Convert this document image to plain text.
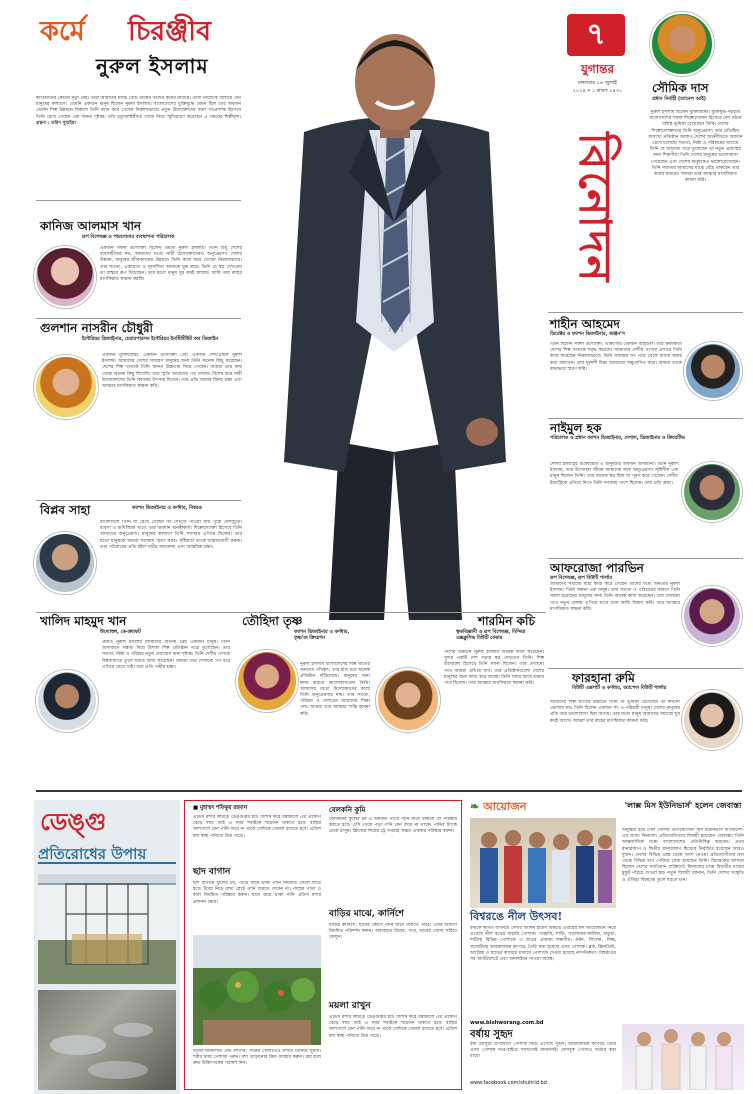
কর্মে চিরঞ্জীব
নুরুল ইসলাম
কীর্তিমানের কোনো মৃত্যু নেই। তারা আমাদের মাঝে বেঁচে থাকেন তাদের কর্মের মাধ্যমে। তারা নিজেকে বিলিয়ে দেন মানুষের কল্যাণে। তেমনি একজন মানুষ ছিলেন নুরুল ইসলাম। বাংলাদেশের মুক্তিযুদ্ধে যেমন ছিল তার অবদান তেমনি শিল্প উন্নয়নে বিকাশে তিনি কাজ করে গেছেন নিরলসভাবে। নতুন উদ্যোক্তাদের জন্য পথপ্রদর্শক হিসেবে তিনি রেখে গেছেন এক অনন্য দৃষ্টান্ত। তাঁর মৃত্যুবার্ষিকীতে তাকে নিয়ে স্মৃতিচারণ করেছেন এ সময়ের শিল্পীবৃন্দ। গ্রন্থনা : ফরিদ সুমাইয়া
কানিজ আলমাস খান
রূপ বিশেষজ্ঞ ও পারসোনার ব্যবস্থাপনা পরিচালক
একজন সফল উদ্যোক্তা ছিলেন প্রয়াত নুরুল ইসলাম। তিনি শুধু দেশের ব্যবসায়ীদের নয়, আমাদের মতো নারী উদ্যোক্তাদেরও অনুপ্রেরণা। দেশের উন্নয়ন, মানুষের জীবনমানের উন্নয়নে তিনি কাজ করে গেছেন নিরলসভাবে। তার সততা, একাগ্রতা ও দূরদর্শিতা আমাকে মুগ্ধ করে। তিনি যে স্বপ্ন দেখতেন তা বাস্তবে রূপ দিয়েছেন। তার মতো মানুষ খুব কমই জন্মায়। আমি তার রুহের মাগফিরাত কামনা করছি।
গুলশান নাসরীন চৌধুরী
ইন্টেরিয়র ডিজাইনার, চেয়ারপারসন ইন্টেরিয়র ইনস্টিটিউট অব ডিজাইন
একজন মুক্তিযোদ্ধা, একজন উদ্যোক্তা এবং একজন দেশপ্রেমিক নুরুল ইসলাম। আমাদের দেশের সাধারণ মানুষের জন্য তিনি অনেক কিছু করেছেন। দেশের শিল্প খাতকে তিনি অনন্য উচ্চতায় নিয়ে গেছেন। আমরা তার কাছ থেকে অনেক কিছু শিখেছি। তার স্মৃতি আমাদের পথ দেখায়। বিশেষ করে নারী উদ্যোক্তাদের তিনি সবসময় উৎসাহ দিতেন। তার প্রতি আমার বিনম্র শ্রদ্ধা এবং আত্মার মাগফিরাত কামনা করি।
বিপ্লব সাহা	ফ্যাশন ডিজাইনার ও কর্ণধার, বিশ্বরঙ
বাংলাদেশে তিনি যা রেখে গেছেন তা দেখতে পাওয়া যায় পুরো দেশজুড়ে। ব্যবসা ও বাণিজ্যিক খাতে তার অবদান অনস্বীকার্য। শিল্পোদ্যোক্তা হিসেবে তিনি আমাদের অনুপ্রেরণা। মানুষের কল্যাণে তিনি সবসময় এগিয়ে ছিলেন। তার মতো মানুষকে আমরা সবসময় স্মরণ করব। সৃষ্টিকর্তা তাকে জান্নাতবাসী করুক। তার পরিবারের প্রতি রইল গভীর সমবেদনা এবং আন্তরিক শ্রদ্ধা।
৭
যুগান্তর
মঙ্গলবার ১৬ জুলাই
২০২৪ • ১ শ্রাবণ ১৪৩১
বিনোদন
সৌমিক দাস
প্রধান নির্বাহী (চ্যানেল আই)
নুরুল ইসলাম ছিলেন মুক্তিযোদ্ধা। মুক্তিযুদ্ধ-পরবর্তী বাংলাদেশের সফল শিল্পোদ্যোক্তা হিসেবে দেশ গঠনে বলিষ্ঠ ভূমিকা রেখেছেন তিনি। দেশের শিল্পোদ্যোক্তাদের তিনি অনুপ্রেরণা। তার প্রতিষ্ঠিত অসংখ্য প্রতিষ্ঠান আজও দেশের অর্থনীতিতে অবদান রেখে চলেছে। সততা, নিষ্ঠা ও পরিশ্রমের মাধ্যমে তিনি যে সাম্রাজ্য গড়ে তুলেছেন তা নতুন প্রজন্মের জন্য শিক্ষণীয়। তিনি দেশের মানুষের ভালোবাসা পেয়েছেন এবং দেশের মানুষকেও ভালোবেসেছেন। তিনি সবসময় আমাদের মাঝে বেঁচে থাকবেন তার কর্মের মাধ্যমে। আমরা তার আত্মার মাগফিরাত কামনা করি।
শাহীন আহমেদ
ডিরেক্টর ও ফ্যাশন ডিজাইনার, অঞ্জন'স
তিনি ছিলেন সফল উদ্যোক্তা, তারুণ্যের একজন আইডল। তার কর্মদক্ষতা দেশের শিল্প খাতকে সমৃদ্ধ করেছে। আমাদের দেশীয় পণ্যের প্রসারে তিনি কাজ করেছেন নিরলসভাবে। তিনি সবসময় সৎ পথে থেকে ব্যবসা করার কথা বলতেন। তার দূরদর্শী চিন্তা আমাদের অনুপ্রাণিত করে। আমরা তাকে শ্রদ্ধাভরে স্মরণ করি।
নাইমুল হক
পরিচালক ও প্রধান ফ্যাশন ডিজাইনার, দেশাল, ডিজাইনার ও ক্রিয়েটিভ
দেশীয় ইন্ডাস্ট্রির অগ্রযাত্রায় এ মানুষটার অবদান অসামান্য। তিনি নুরুল ইসলাম, তার উদ্যোক্তা জীবন আমাদের জন্য অনুপ্রেরণা। সৃষ্টিশীল এক মানুষ ছিলেন তিনি। তার অনেক স্বপ্ন ছিল যা পূরণ করে গেছেন। দেশীয় ইন্ডাস্ট্রিকে এগিয়ে নিতে তিনি সবসময় পাশে ছিলেন। তার প্রতি শ্রদ্ধা।
আফরোজা পারভিন
রূপ বিশেষজ্ঞ, রূপ বিউটি পার্লার
আমাদের সমাজে যারা কাজ করে গেছেন তাদের মধ্যে অন্যতম নুরুল ইসলাম। তিনি অনন্য এক মানুষ। তার সততা ও পরিশ্রমের কারণে তিনি সফল হয়েছেন। মানুষের জন্য তিনি অনেক কাজ করেছেন। তার দেখানো পথে নতুন প্রজন্ম এগিয়ে যাবে বলে আমি বিশ্বাস করি। তার আত্মার মাগফিরাত কামনা করি।
ফারহানা রুমি
বিউটি এক্সপার্ট ও কর্ণধার, অ্যাপেল বিউটি পার্লার
আমাদের শিল্প খাতের উন্নয়নে তিনি যে ভূমিকা রেখেছেন তা কখনো ভোলার নয়। তিনি ছিলেন একজন সৎ ও পরিশ্রমী মানুষ। দেশের মানুষের প্রতি তার ভালোবাসা ছিল অগাধ। তার মতো মানুষ আমাদের সমাজে খুব কমই আসে। আমরা তার রুহের মাগফিরাত কামনা করি।
খালিদ মাহমুদ খান
উদ্যোক্তা, কে-ক্র্যাফট
প্রয়াত নুরুল ইসলাম আমাদের অনেক প্রিয় একজন মানুষ। তিনি অসাধারণ দক্ষতা দিয়ে বিশাল শিল্প প্রতিষ্ঠান গড়ে তুলেছেন। তার সততা, নিষ্ঠা ও পরিশ্রম নতুন প্রজন্মের জন্য দৃষ্টান্ত। তিনি দেশীয় পণ্যকে বিশ্ববাজারে তুলে ধরতে কাজ করেছেন। আমরা তার দেখানো পথ ধরে এগিয়ে যেতে চাই। তার প্রতি গভীর শ্রদ্ধা।
তৌহিদা তৃষ্ণ
ফ্যাশন ডিজাইনার ও কর্ণধার, তৃষ্ণ'জ ক্রিয়েশন
নুরুল ইসলাম বাংলাদেশের শিল্প খাতের অন্যতম পথিকৃৎ। তার হাত ধরে অনেক প্রতিষ্ঠান দাঁড়িয়েছে। মানুষের জন্য কাজ করতে ভালোবাসতেন তিনি। আমাদের মতো উদ্যোক্তাদের কাছে তিনি অনুপ্রেরণার নাম। তার সততা, পরিশ্রম ও দেশপ্রেম আমাদের শিক্ষা দেয়। আমরা তার আত্মার শান্তি কামনা করি।
শারমিন কচি
ত্বকবিজ্ঞানী ও রূপ বিশেষজ্ঞ, বিন্দিয়া এক্সক্লুসিভ বিউটি কেয়ার
দেশের উন্নয়নে নুরুল ইসলাম অনেক কাজ করেছেন। সুন্দর একটি দেশ গড়ার স্বপ্ন দেখতেন তিনি। শিল্প উদ্যোক্তা হিসেবে তিনি সফল ছিলেন। তার দেখানো পথে আমরা এগিয়ে যাব। তার প্রতিষ্ঠানগুলো দেশের মানুষের জন্য কাজ করে যাচ্ছে। তিনি সবার কাছে শ্রদ্ধার পাত্র ছিলেন। তার আত্মার মাগফিরাত কামনা করি।
ডেঙ্গু
প্রতিরোধের উপায়
■ মুহাম্মদ শফিকুর রহমান
এডিস মশার কামড়ে ডেঙ্গুজ্বর হয়। বিশেষ করে বর্ষাকালে এর প্রকোপ বেড়ে যায়। তাই এ সময় সবাইকে সচেতন থাকতে হবে। বাড়ির আশপাশে যেন পানি জমে না থাকে সেদিকে খেয়াল রাখতে হবে। এডিস মশা স্বচ্ছ পানিতে ডিম পাড়ে।
ছাদ বাগান
ছাদ বাগানে ফুলের টব, পাত্রে জমে থাকা পানি নিয়মিত ফেলে দিতে হবে। টবের নিচে রাখা প্লেটে পানি জমতে দেবেন না। গাছের পাতা ও বর্জ্য নিয়মিত পরিষ্কার করুন। ছাদে জমে থাকা পানি এডিস মশার প্রজনন ক্ষেত্র।
দরজা-জানালায় নেট লাগান। দিনের বেলাতেও মশারি টানিয়ে ঘুমান। শরীর ঢাকা পোশাক পরুন। মশা তাড়ানোর ক্রিম ব্যবহার করুন। জ্বর হলে দ্রুত চিকিৎসকের পরামর্শ নিন।
বেলকনি কুমি
বেলকনির ফুলের টব ও অন্যান্য পাত্রে পানি জমে থাকলে তা পরিষ্কার করতে হবে। এসি থেকে পড়া পানি যেন জমে না থাকে। পানির ট্যাংক ঢেকে রাখুন। ফ্রিজের নিচের ট্রে সপ্তাহে অন্তত একবার পরিষ্কার করুন।
বাড়ির মাঝে, কার্নিশে
বাড়ির কার্নিশে, ছাদের কোণে পানি জমে থাকতে পারে। এসব জায়গা নিয়মিত পরিদর্শন করুন। অব্যবহৃত টায়ার, পাত্র, ডাবের খোসা সরিয়ে ফেলুন।
ময়লা রাখুন
এডিস মশার কামড়ে ডেঙ্গুজ্বর হয়। বিশেষ করে বর্ষাকালে এর প্রকোপ বেড়ে যায়। তাই এ সময় সবাইকে সচেতন থাকতে হবে। বাড়ির আশপাশে যেন পানি জমে না থাকে সেদিকে খেয়াল রাখতে হবে। এডিস মশা স্বচ্ছ পানিতে ডিম পাড়ে।
❧ আয়োজন
বিশ্বরঙে নীল উৎসব!
বর্ষাকে স্বাগত জানিয়ে দেশীয় ফ্যাশন হাউস বিশ্বরঙ এবারের ঈদ আয়োজনে নিয়ে এসেছে নীল রঙের বাহারি পোশাক। পাঞ্জাবি, শাড়ি, সালোয়ার-কামিজ, ফতুয়া, শার্টসহ বিভিন্ন পোশাকে এ রঙের প্রাধান্য লক্ষণীয়। কটন, লিলেন, সিল্ক, জর্জেটসহ আরামদায়ক কাপড়ে তৈরি করা হয়েছে এসব পোশাক। ব্লক, স্ক্রিনপ্রিন্ট, অ্যাপ্লিক ও হাতের কাজের মাধ্যমে পোশাকে দেওয়া হয়েছে নান্দনিকতা। বিশ্বরঙের সব আউটলেটে এবং অনলাইনে পাওয়া যাচ্ছে।
www.bishworang.com.bd
বর্ষায় সুহৃদ
বর্ষা মৌসুমে উপযোগী পোশাক নিয়ে এসেছে সুহৃদ। আরামদায়ক কাপড়ে তৈরি এসব পোশাক ঘরে-বাইরে সবখানেই মানানসই। ফেসবুক পেজেও অর্ডার করা যাবে।
www.facebook.com/shuhrid.bd
'লাক্স মিস ইউনিভার্স' হলেন জেবাস্তা
অনুষ্ঠিত হয়ে গেল সৌন্দর্য প্রতিযোগিতা মিস ইউনিভার্স বাংলাদেশ-এর গ্র্যান্ড ফিনালে। প্রতিযোগিতায় বিজয়ী হয়েছেন জেবাস্তা। তিনি আন্তর্জাতিক মঞ্চে বাংলাদেশের প্রতিনিধিত্ব করবেন। প্রথম রানারআপ ও দ্বিতীয় রানারআপ হিসেবে নির্বাচিত হয়েছেন আরও দুজন। দেশের বিভিন্ন প্রান্ত থেকে অংশ নেওয়া প্রতিযোগীদের মধ্য থেকে বিভিন্ন ধাপ পেরিয়ে সেরা হয়েছেন তিনি। বিচারকের আসনে ছিলেন দেশের খ্যাতিমান ব্যক্তিবর্গ। ফিনালের মঞ্চে বিজয়ীর মাথায় মুকুট পরিয়ে দেওয়া হয়। নতুন বিজয়ী জানান, তিনি দেশের সংস্কৃতি ও ঐতিহ্য বিশ্বমঞ্চে তুলে ধরতে চান।
